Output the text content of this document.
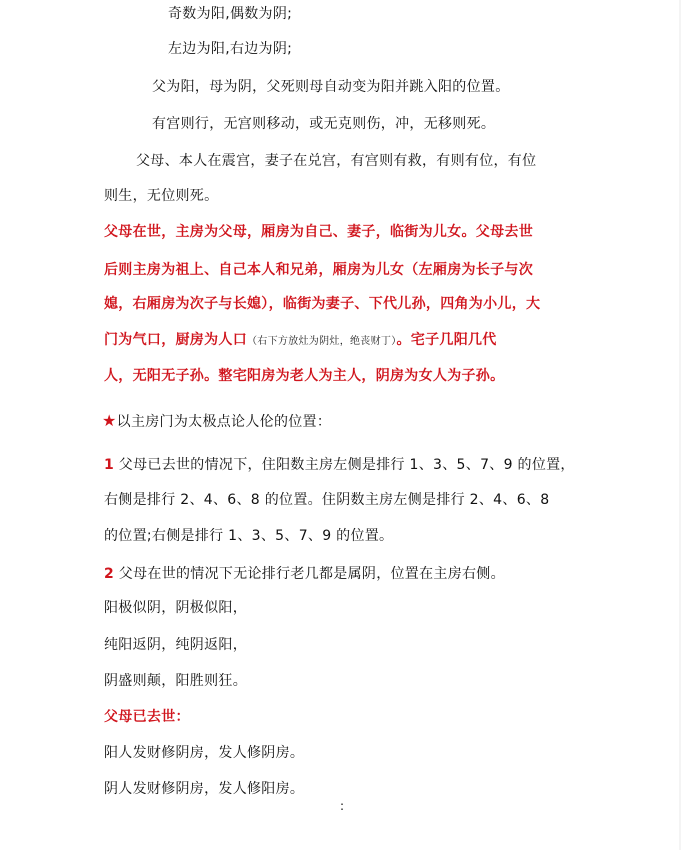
奇数为阳,偶数为阴;
左边为阳,右边为阴;
父为阳，母为阴，父死则母自动变为阳并跳入阳的位置。
有宫则行，无宫则移动，或无克则伤，冲，无移则死。
父母、本人在震宫，妻子在兑宫，有宫则有救，有则有位，有位
则生，无位则死。
父母在世，主房为父母，厢房为自己、妻子，临街为儿女。父母去世
后则主房为祖上、自己本人和兄弟，厢房为儿女（左厢房为长子与次
媳，右厢房为次子与长媳），临街为妻子、下代儿孙，四角为小儿，大
门为气口，厨房为人口（右下方放灶为阴灶，绝丧财丁）。宅子几阳几代
人，无阳无子孙。整宅阳房为老人为主人，阴房为女人为子孙。
★以主房门为太极点论人伦的位置：
1 父母已去世的情况下，住阳数主房左侧是排行 1、3、5、7、9 的位置，
右侧是排行 2、4、6、8 的位置。住阴数主房左侧是排行 2、4、6、8
的位置;右侧是排行 1、3、5、7、9 的位置。
2 父母在世的情况下无论排行老几都是属阴，位置在主房右侧。
阳极似阴，阴极似阳，
纯阳返阴，纯阴返阳，
阴盛则颠，阳胜则狂。
父母已去世：
阳人发财修阴房，发人修阴房。
阴人发财修阴房，发人修阳房。
:
